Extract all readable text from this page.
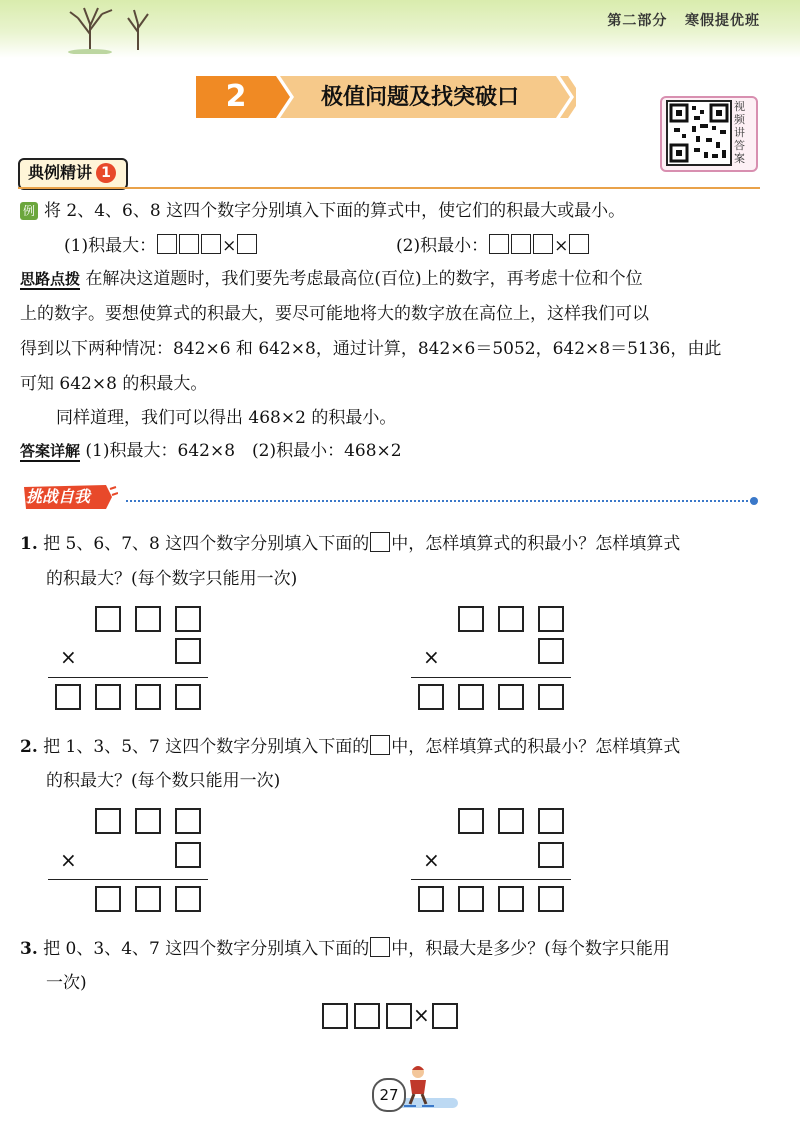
第二部分 寒假提优班
2	极值问题及找突破口	视频讲答案
典例精讲 1
例 将 2、4、6、8 这四个数字分别填入下面的算式中，使它们的积最大或最小。
(1)积最大：	×	(2)积最小：	×
思路点拨 在解决这道题时，我们要先考虑最高位(百位)上的数字，再考虑十位和个位
上的数字。要想使算式的积最大，要尽可能地将大的数字放在高位上，这样我们可以
得到以下两种情况：842×6 和 642×8，通过计算，842×6＝5052，642×8＝5136，由此
可知 642×8 的积最大。
同样道理，我们可以得出 468×2 的积最小。
答案详解 (1)积最大：642×8　(2)积最小：468×2
挑战自我
1. 把 5、6、7、8 这四个数字分别填入下面的 中，怎样填算式的积最小？怎样填算式
的积最大？(每个数字只能用一次)
×	×
2. 把 1、3、5、7 这四个数字分别填入下面的 中，怎样填算式的积最小？怎样填算式
的积最大？(每个数只能用一次)
×	×
3. 把 0、3、4、7 这四个数字分别填入下面的 中，积最大是多少？(每个数字只能用
一次)
×
27
